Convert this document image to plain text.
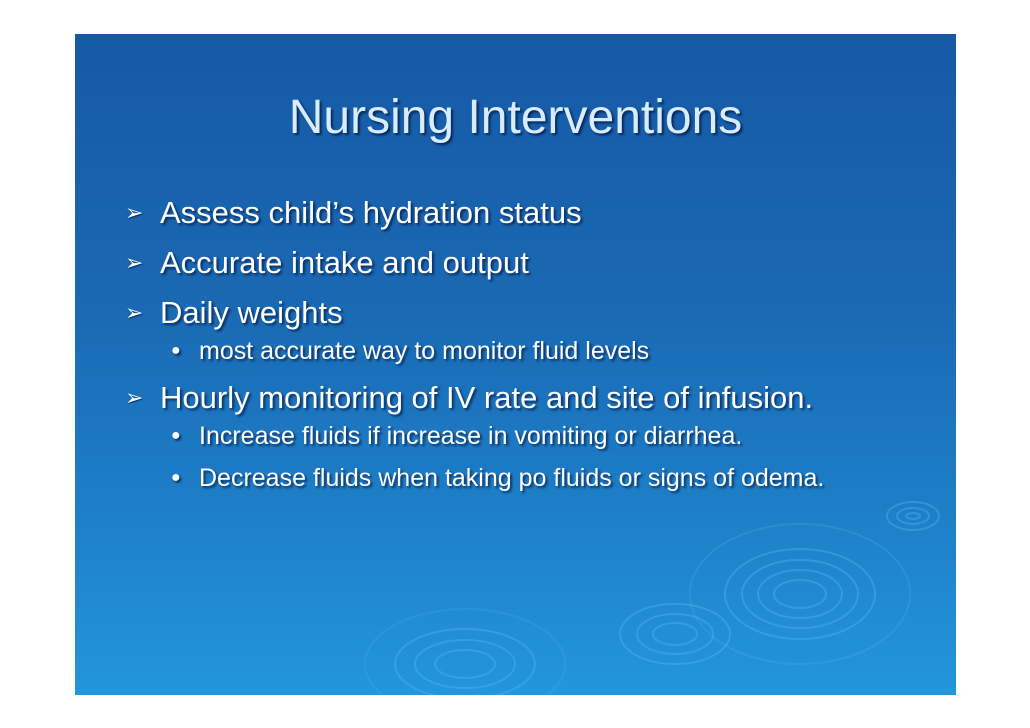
Nursing Interventions
➢ Assess child’s hydration status
➢ Accurate intake and output
➢ Daily weights
● most accurate way to monitor fluid levels
➢ Hourly monitoring of IV rate and site of infusion.
● Increase fluids if increase in vomiting or diarrhea.
● Decrease fluids when taking po fluids or signs of odema.
